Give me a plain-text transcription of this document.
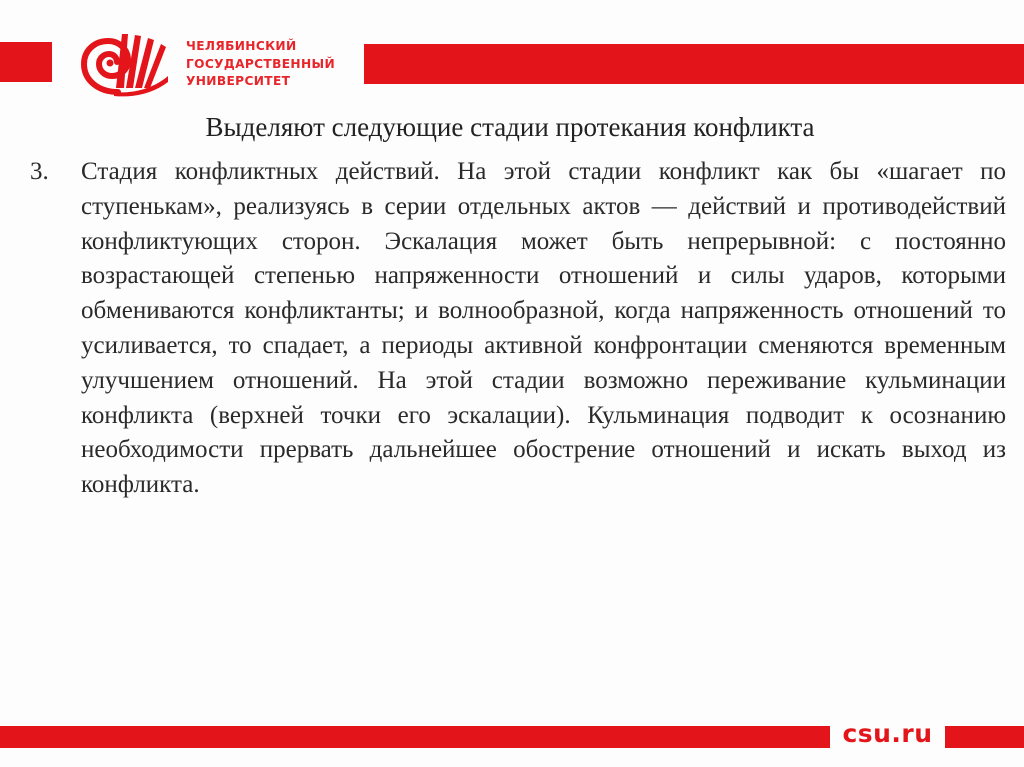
ЧЕЛЯБИНСКИЙ
ГОСУДАРСТВЕННЫЙ
УНИВЕРСИТЕТ
Выделяют следующие стадии протекания конфликта
3. Стадия конфликтных действий. На этой стадии конфликт как бы «шагает по ступенькам», реализуясь в серии отдельных актов — действий и противодействий конфликтующих сторон. Эскалация может быть непрерывной: с постоянно возрастающей степенью напряженности отношений и силы ударов, которыми обмениваются конфликтанты; и волнообразной, когда напряженность отношений то усиливается, то спадает, а периоды активной конфронтации сменяются временным улучшением отношений. На этой стадии возможно переживание кульминации конфликта (верхней точки его эскалации). Кульминация подводит к осознанию необходимости прервать дальнейшее обострение отношений и искать выход из конфликта.
csu.ru
